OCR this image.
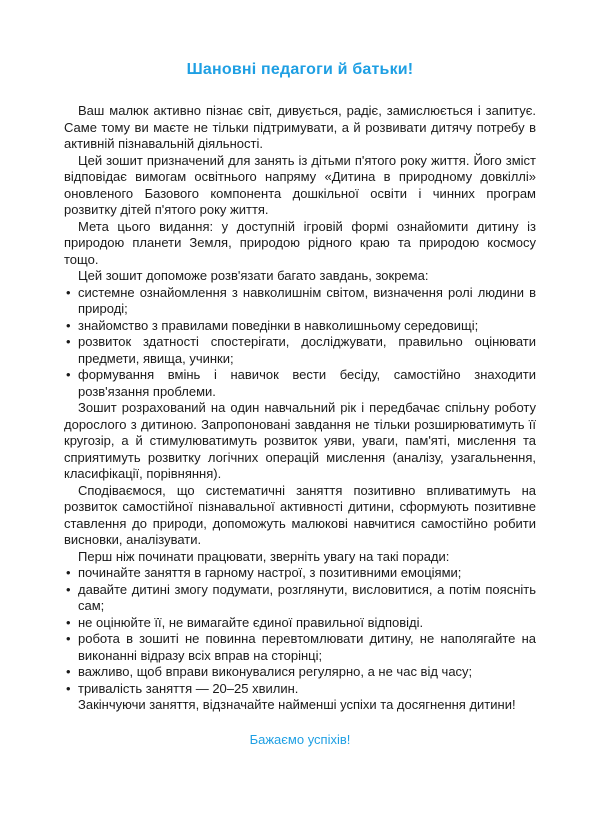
Шановні педагоги й батьки!

Ваш малюк активно пізнає світ, дивується, радіє, замислюється і запитує. Саме тому ви маєте не тільки підтримувати, а й розвивати дитячу потребу в активній пізнавальній діяльності.

Цей зошит призначений для занять із дітьми п'ятого року життя. Його зміст відповідає вимогам освітнього напряму «Дитина в природному довкіллі» оновленого Базового компонента дошкільної освіти і чинних програм розвитку дітей п'ятого року життя.

Мета цього видання: у доступній ігровій формі ознайомити дитину із природою планети Земля, природою рідного краю та природою космосу тощо.

Цей зошит допоможе розв'язати багато завдань, зокрема:

• системне ознайомлення з навколишнім світом, визначення ролі людини в природі;
• знайомство з правилами поведінки в навколишньому середовищі;
• розвиток здатності спостерігати, досліджувати, правильно оцінювати предмети, явища, учинки;
• формування вмінь і навичок вести бесіду, самостійно знаходити розв'язання проблеми.

Зошит розрахований на один навчальний рік і передбачає спільну роботу дорослого з дитиною. Запропоновані завдання не тільки розширюватимуть її кругозір, а й стимулюватимуть розвиток уяви, уваги, пам'яті, мислення та сприятимуть розвитку логічних операцій мислення (аналізу, узагальнення, класифікації, порівняння).

Сподіваємося, що систематичні заняття позитивно впливатимуть на розвиток самостійної пізнавальної активності дитини, сформують позитивне ставлення до природи, допоможуть малюкові навчитися самостійно робити висновки, аналізувати.

Перш ніж починати працювати, зверніть увагу на такі поради:

• починайте заняття в гарному настрої, з позитивними емоціями;
• давайте дитині змогу подумати, розглянути, висловитися, а потім поясніть сам;
• не оцінюйте її, не вимагайте єдиної правильної відповіді.
• робота в зошиті не повинна перевтомлювати дитину, не наполягайте на виконанні відразу всіх вправ на сторінці;
• важливо, щоб вправи виконувалися регулярно, а не час від часу;
• тривалість заняття — 20–25 хвилин.

Закінчуючи заняття, відзначайте найменші успіхи та досягнення дитини!

Бажаємо успіхів!
